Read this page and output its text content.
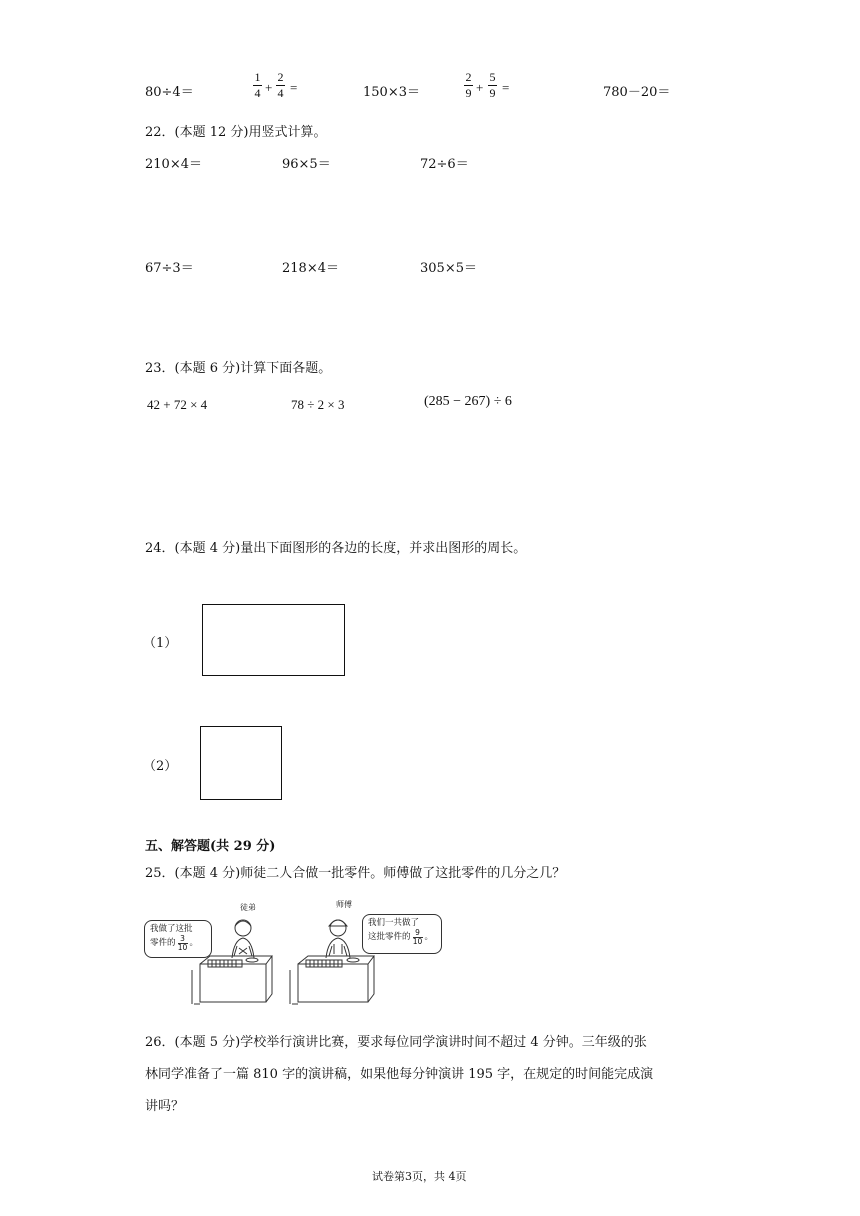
80÷4＝
1
4 +
2
4 =	150×3＝
2
9 +
5
9 =	780－20＝
22．(本题 12 分)用竖式计算。
210×4＝	96×5＝	72÷6＝
67÷3＝	218×4＝	305×5＝
23．(本题 6 分)计算下面各题。
42 + 72 × 4	78 ÷ 2 × 3	(285 − 267) ÷ 6
24．(本题 4 分)量出下面图形的各边的长度，并求出图形的周长。
（1）
（2）
五、解答题(共 29 分)
25．(本题 4 分)师徒二人合做一批零件。师傅做了这批零件的几分之几？
徒弟	师傅
我做了这批
零件的 3
10 。
我们一共做了
这批零件的 9
10 。
26．(本题 5 分)学校举行演讲比赛，要求每位同学演讲时间不超过 4 分钟。三年级的张
林同学准备了一篇 810 字的演讲稿，如果他每分钟演讲 195 字，在规定的时间能完成演
讲吗？
试卷第3页，共 4页
